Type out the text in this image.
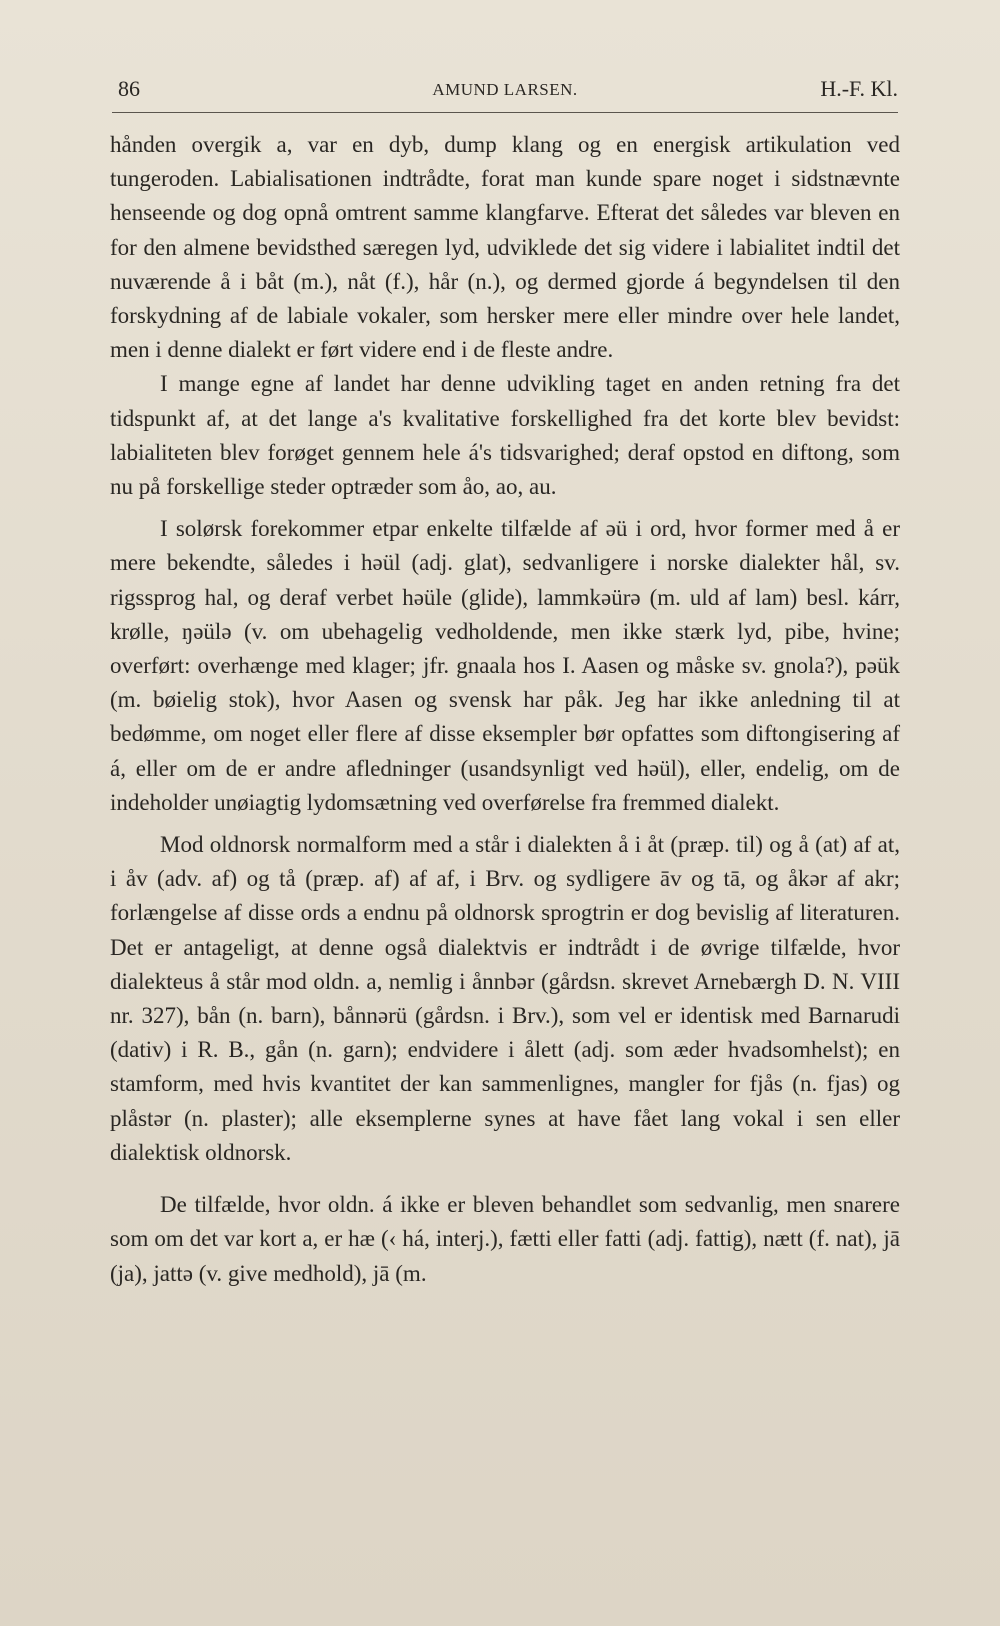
86	AMUND LARSEN.	H.-F. Kl.

hånden overgik a, var en dyb, dump klang og en energisk artikulation ved tungeroden. Labialisationen indtrådte, forat man kunde spare noget i sidstnævnte henseende og dog opnå omtrent samme klangfarve. Efterat det således var bleven en for den almene bevidsthed særegen lyd, udviklede det sig videre i labialitet indtil det nuværende å i båt (m.), nåt (f.), hår (n.), og dermed gjorde á begyndelsen til den forskydning af de labiale vokaler, som hersker mere eller mindre over hele landet, men i denne dialekt er ført videre end i de fleste andre.

I mange egne af landet har denne udvikling taget en anden retning fra det tidspunkt af, at det lange a's kvalitative forskellighed fra det korte blev bevidst: labialiteten blev forøget gennem hele á's tidsvarighed; deraf opstod en diftong, som nu på forskellige steder optræder som åo, ao, au.

I solørsk forekommer etpar enkelte tilfælde af əü i ord, hvor former med å er mere bekendte, således i həül (adj. glat), sedvanligere i norske dialekter hål, sv. rigssprog hal, og deraf verbet həüle (glide), lammkəürə (m. uld af lam) besl. kárr, krølle, ŋəülə (v. om ubehagelig vedholdende, men ikke stærk lyd, pibe, hvine; overført: overhænge med klager; jfr. gnaala hos I. Aasen og måske sv. gnola?), pəük (m. bøielig stok), hvor Aasen og svensk har påk. Jeg har ikke anledning til at bedømme, om noget eller flere af disse eksempler bør opfattes som diftongisering af á, eller om de er andre afledninger (usandsynligt ved həül), eller, endelig, om de indeholder unøiagtig lydomsætning ved overførelse fra fremmed dialekt.

Mod oldnorsk normalform med a står i dialekten å i åt (præp. til) og å (at) af at, i åv (adv. af) og tå (præp. af) af af, i Brv. og sydligere āv og tā, og åkər af akr; forlængelse af disse ords a endnu på oldnorsk sprogtrin er dog bevislig af literaturen. Det er antageligt, at denne også dialektvis er indtrådt i de øvrige tilfælde, hvor dialekteus å står mod oldn. a, nemlig i ånnbər (gårdsn. skrevet Arnebærgh D. N. VIII nr. 327), bån (n. barn), bånnərü (gårdsn. i Brv.), som vel er identisk med Barnarudi (dativ) i R. B., gån (n. garn); endvidere i ålett (adj. som æder hvadsomhelst); en stamform, med hvis kvantitet der kan sammenlignes, mangler for fjås (n. fjas) og plåstər (n. plaster); alle eksemplerne synes at have fået lang vokal i sen eller dialektisk oldnorsk.

De tilfælde, hvor oldn. á ikke er bleven behandlet som sedvanlig, men snarere som om det var kort a, er hæ (‹ há, interj.), fætti eller fatti (adj. fattig), nætt (f. nat), jā (ja), jattə (v. give medhold), jā (m.
